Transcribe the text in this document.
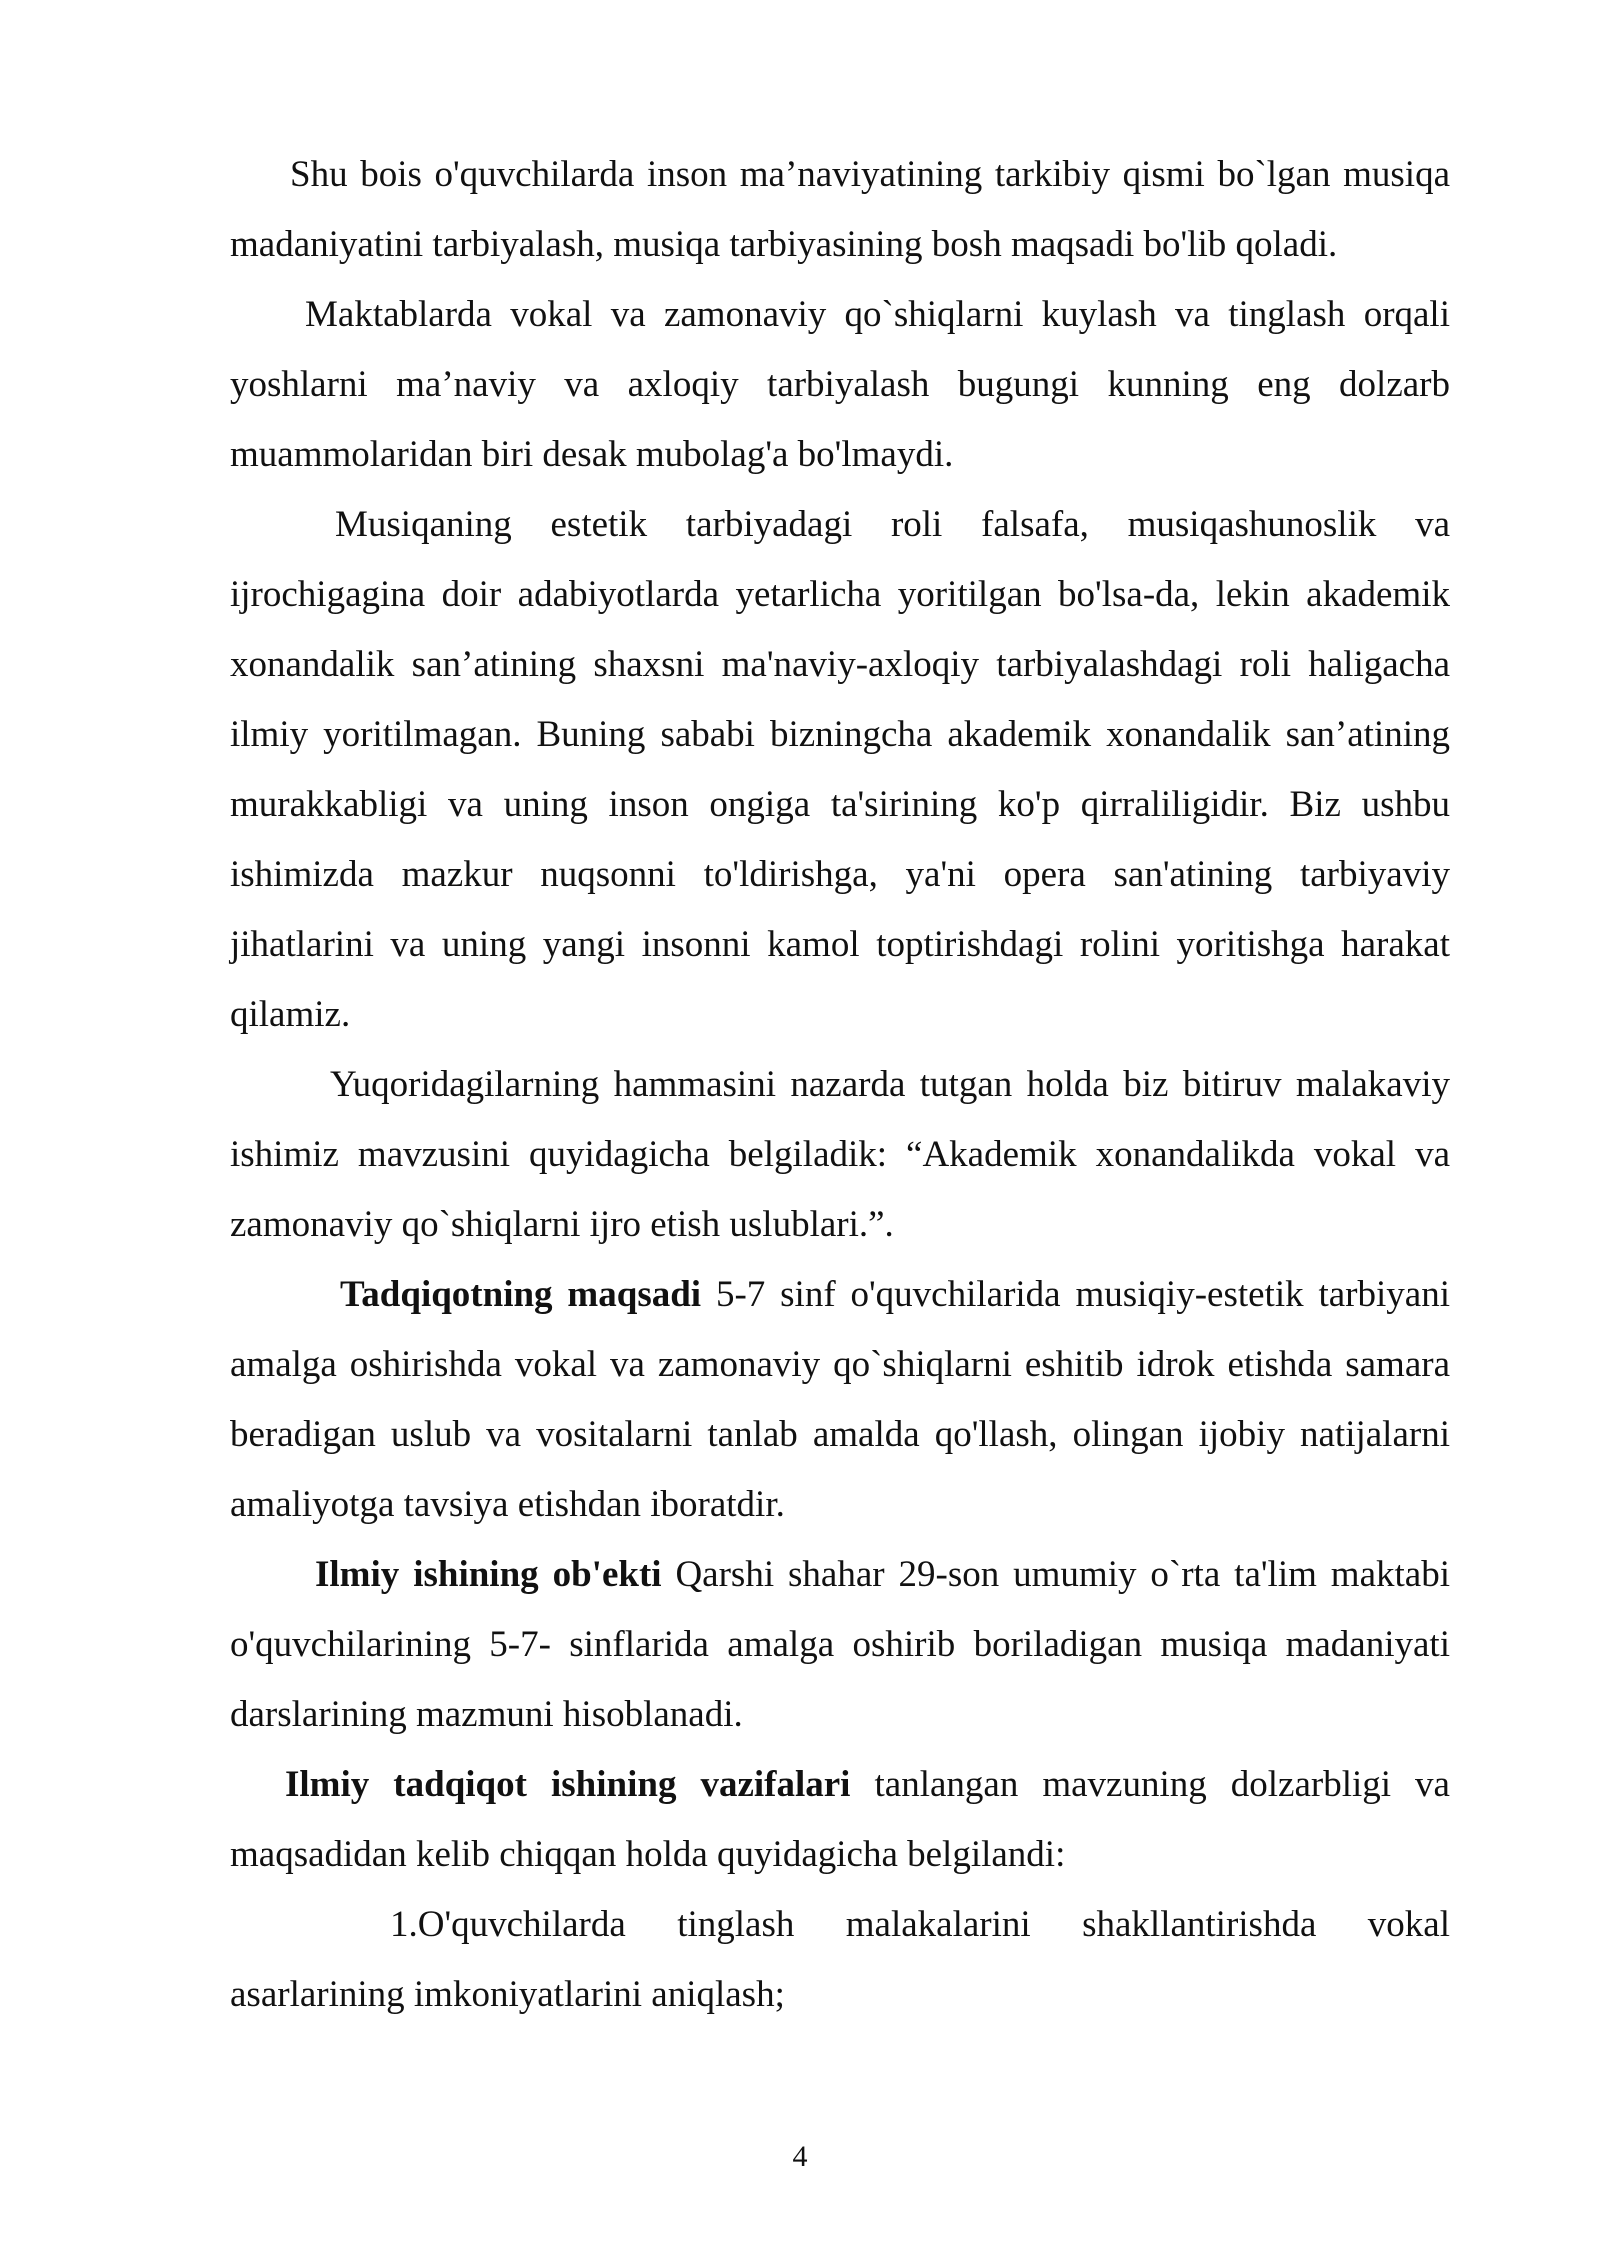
Shu bois o'quvchilarda inson ma’naviyatining tarkibiy qismi bo`lgan musiqa madaniyatini tarbiyalash, musiqa tarbiyasining bosh maqsadi bo'lib qoladi.

Maktablarda vokal va zamonaviy qo`shiqlarni kuylash va tinglash orqali yoshlarni ma’naviy va axloqiy tarbiyalash bugungi kunning eng dolzarb muammolaridan biri desak mubolag'a bo'lmaydi.

Musiqaning estetik tarbiyadagi roli falsafa, musiqashunoslik va ijrochigagina doir adabiyotlarda yetarlicha yoritilgan bo'lsa-da, lekin akademik xonandalik san’atining shaxsni ma'naviy-axloqiy tarbiyalashdagi roli haligacha ilmiy yoritilmagan. Buning sababi bizningcha akademik xonandalik san’atining murakkabligi va uning inson ongiga ta'sirining ko'p qirraliligidir. Biz ushbu ishimizda mazkur nuqsonni to'ldirishga, ya'ni opera san'atining tarbiyaviy jihatlarini va uning yangi insonni kamol toptirishdagi rolini yoritishga harakat qilamiz.

Yuqoridagilarning hammasini nazarda tutgan holda biz bitiruv malakaviy ishimiz mavzusini quyidagicha belgiladik: “Akademik xonandalikda vokal va zamonaviy qo`shiqlarni ijro etish uslublari.”.

Tadqiqotning maqsadi 5-7 sinf o'quvchilarida musiqiy-estetik tarbiyani amalga oshirishda vokal va zamonaviy qo`shiqlarni eshitib idrok etishda samara beradigan uslub va vositalarni tanlab amalda qo'llash, olingan ijobiy natijalarni amaliyotga tavsiya etishdan iboratdir.

Ilmiy ishining ob'ekti Qarshi shahar 29-son umumiy o`rta ta'lim maktabi o'quvchilarining 5-7- sinflarida amalga oshirib boriladigan musiqa madaniyati darslarining mazmuni hisoblanadi.

Ilmiy tadqiqot ishining vazifalari tanlangan mavzuning dolzarbligi va maqsadidan kelib chiqqan holda quyidagicha belgilandi:

1.O'quvchilarda tinglash malakalarini shakllantirishda vokal asarlarining imkoniyatlarini aniqlash;

4
